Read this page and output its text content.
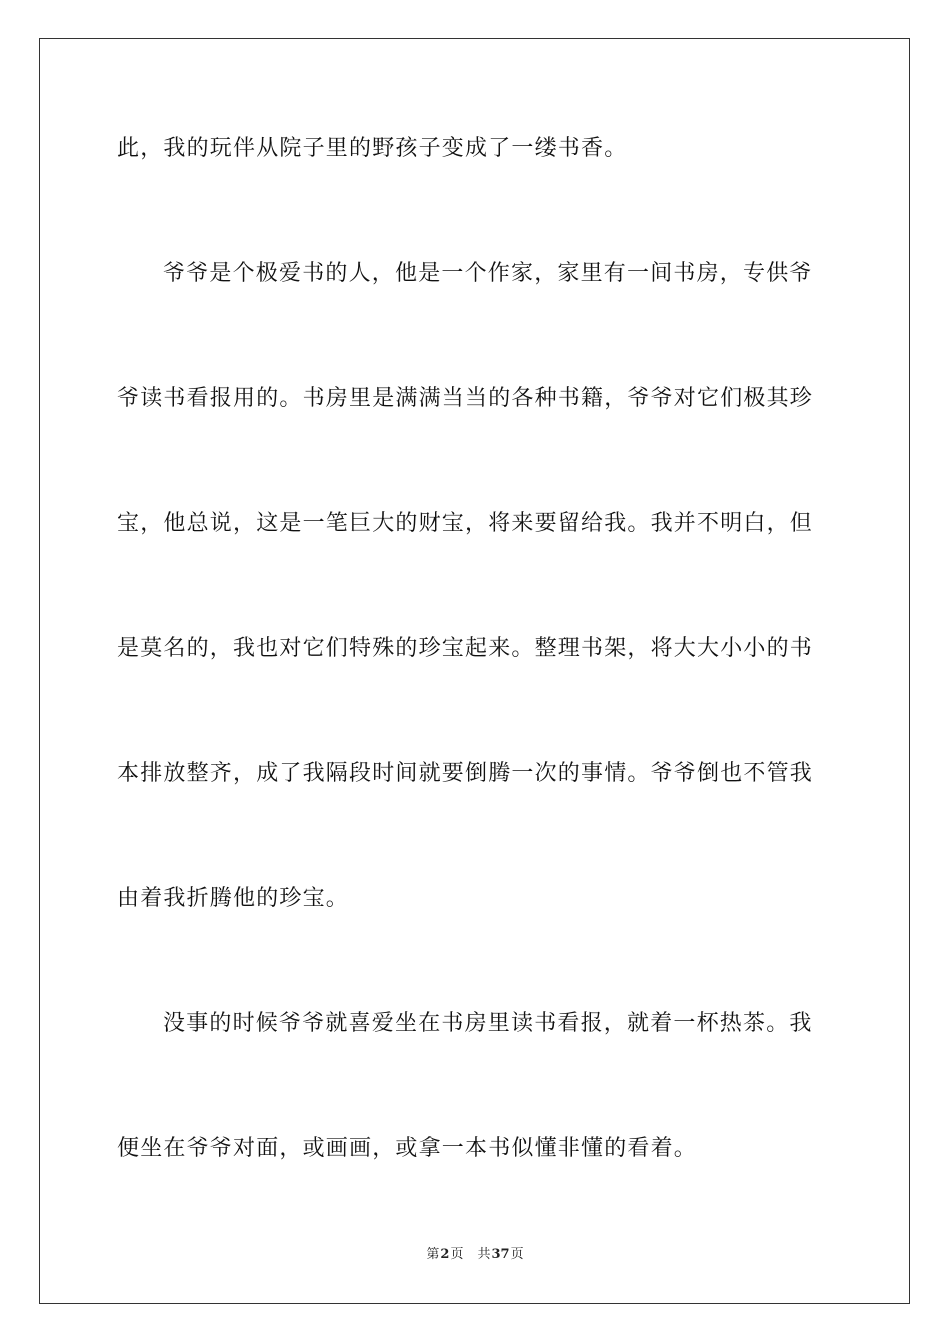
此，我的玩伴从院子里的野孩子变成了一缕书香。
爷爷是个极爱书的人，他是一个作家，家里有一间书房，专供爷
爷读书看报用的。书房里是满满当当的各种书籍，爷爷对它们极其珍
宝，他总说，这是一笔巨大的财宝，将来要留给我。我并不明白，但
是莫名的，我也对它们特殊的珍宝起来。整理书架，将大大小小的书
本排放整齐，成了我隔段时间就要倒腾一次的事情。爷爷倒也不管我
由着我折腾他的珍宝。
没事的时候爷爷就喜爱坐在书房里读书看报，就着一杯热茶。我
便坐在爷爷对面，或画画，或拿一本书似懂非懂的看着。
第2页 共37页
